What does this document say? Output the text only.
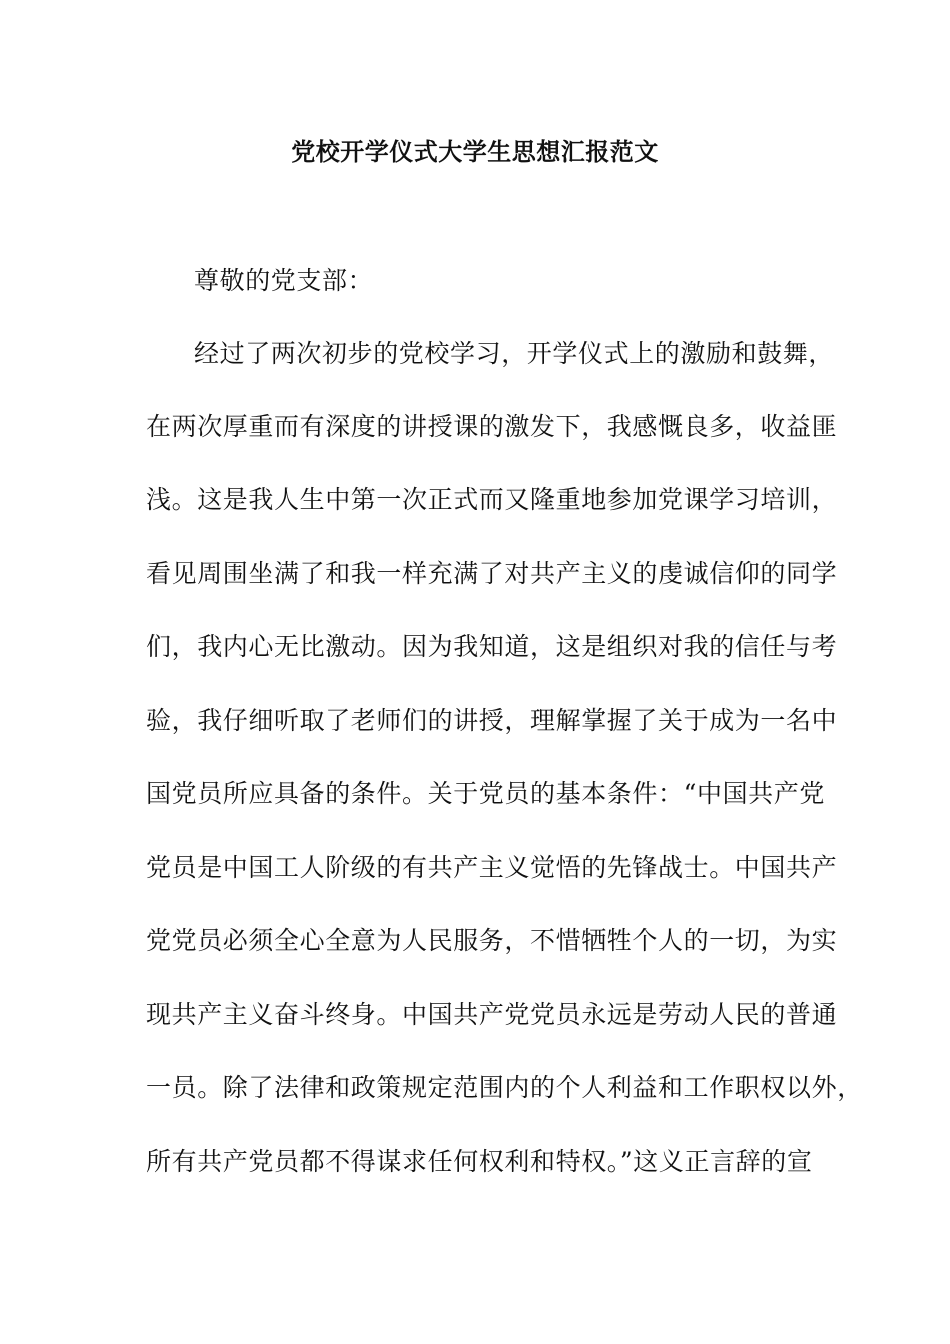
党校开学仪式大学生思想汇报范文
尊敬的党支部：
经过了两次初步的党校学习，开学仪式上的激励和鼓舞，
在两次厚重而有深度的讲授课的激发下，我感慨良多，收益匪
浅。这是我人生中第一次正式而又隆重地参加党课学习培训，
看见周围坐满了和我一样充满了对共产主义的虔诚信仰的同学
们，我内心无比激动。因为我知道，这是组织对我的信任与考
验，我仔细听取了老师们的讲授，理解掌握了关于成为一名中
国党员所应具备的条件。关于党员的基本条件：“中国共产党
党员是中国工人阶级的有共产主义觉悟的先锋战士。中国共产
党党员必须全心全意为人民服务，不惜牺牲个人的一切，为实
现共产主义奋斗终身。中国共产党党员永远是劳动人民的普通
一员。除了法律和政策规定范围内的个人利益和工作职权以外，
所有共产党员都不得谋求任何权利和特权。”这义正言辞的宣
